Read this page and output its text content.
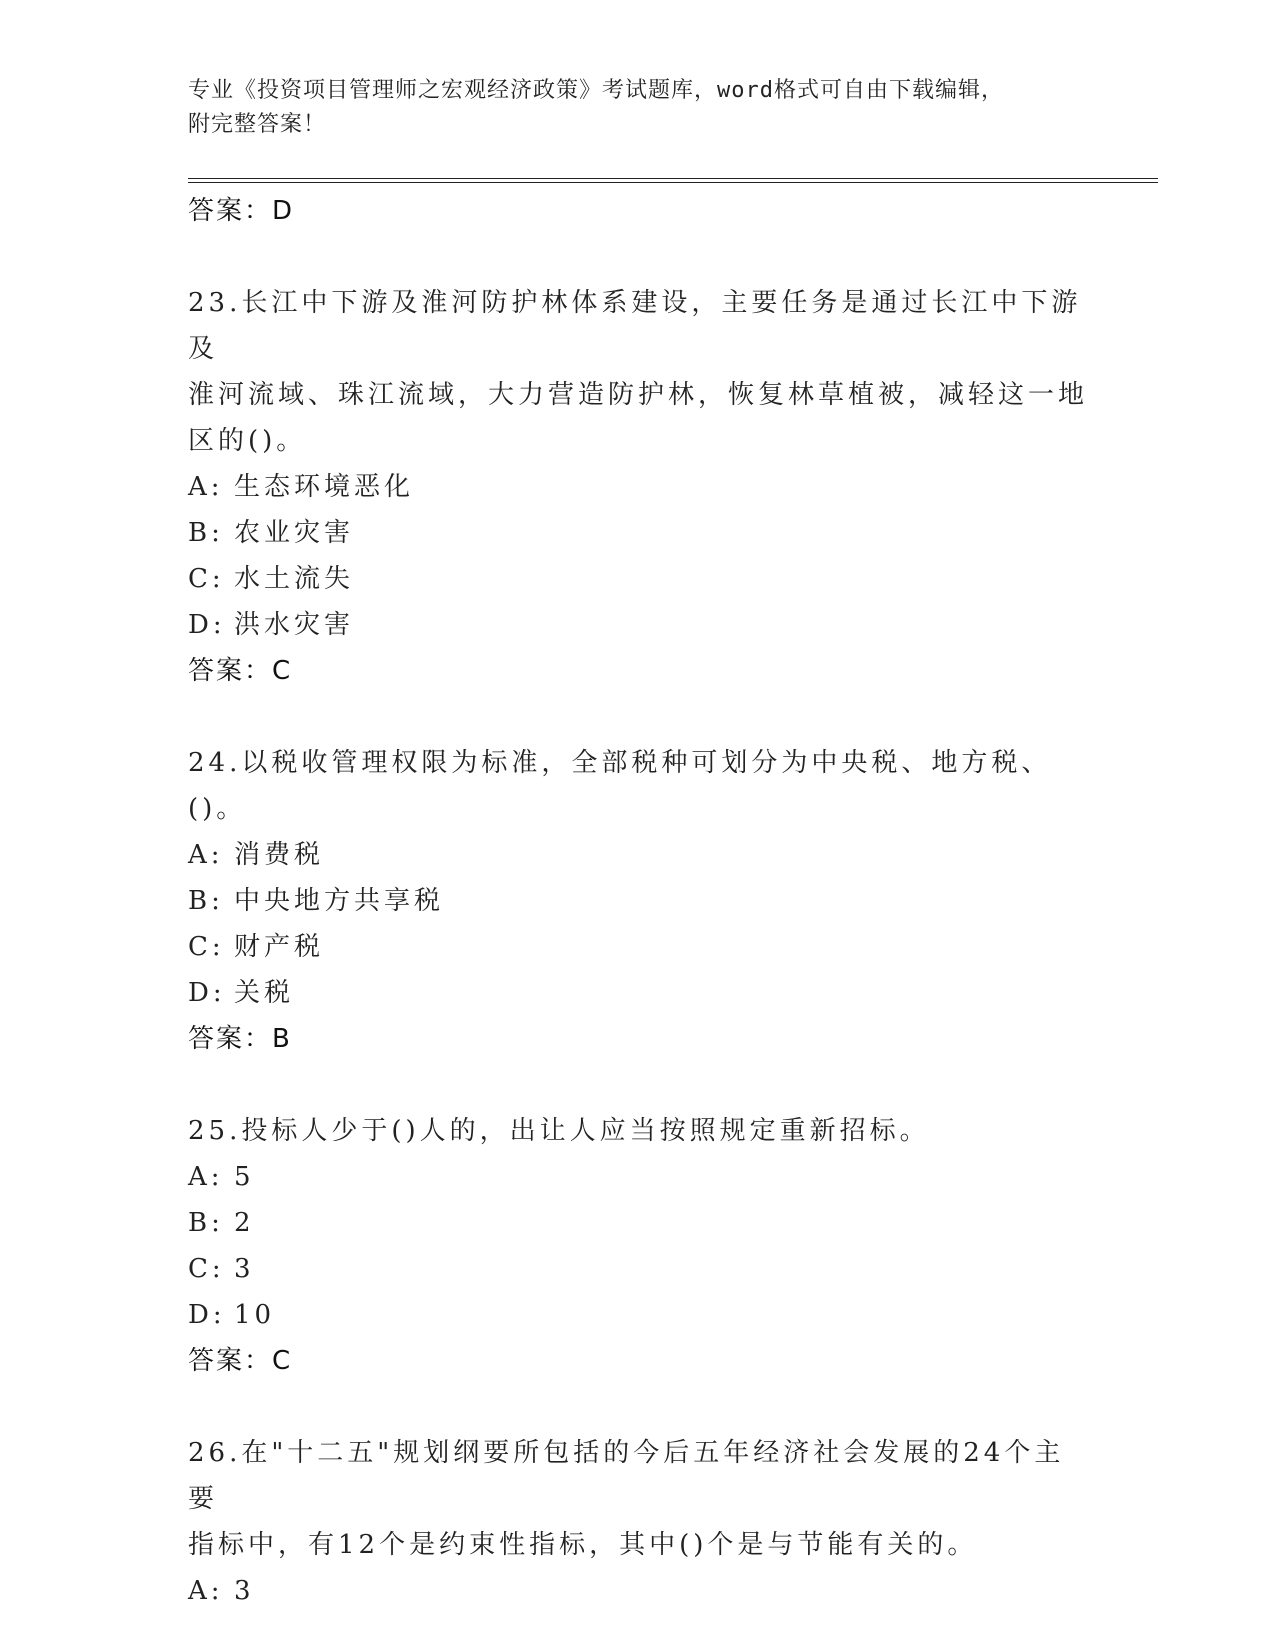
专业《投资项目管理师之宏观经济政策》考试题库，word格式可自由下载编辑，
附完整答案！
答案：D
23.长江中下游及淮河防护林体系建设，主要任务是通过长江中下游及
淮河流域、珠江流域，大力营造防护林，恢复林草植被，减轻这一地
区的()。
A: 生态环境恶化
B: 农业灾害
C: 水土流失
D: 洪水灾害
答案：C
24.以税收管理权限为标准，全部税种可划分为中央税、地方税、()。
A: 消费税
B: 中央地方共享税
C: 财产税
D: 关税
答案：B
25.投标人少于()人的，出让人应当按照规定重新招标。
A: 5
B: 2
C: 3
D: 10
答案：C
26.在"十二五"规划纲要所包括的今后五年经济社会发展的24个主要
指标中，有12个是约束性指标，其中()个是与节能有关的。
A: 3
